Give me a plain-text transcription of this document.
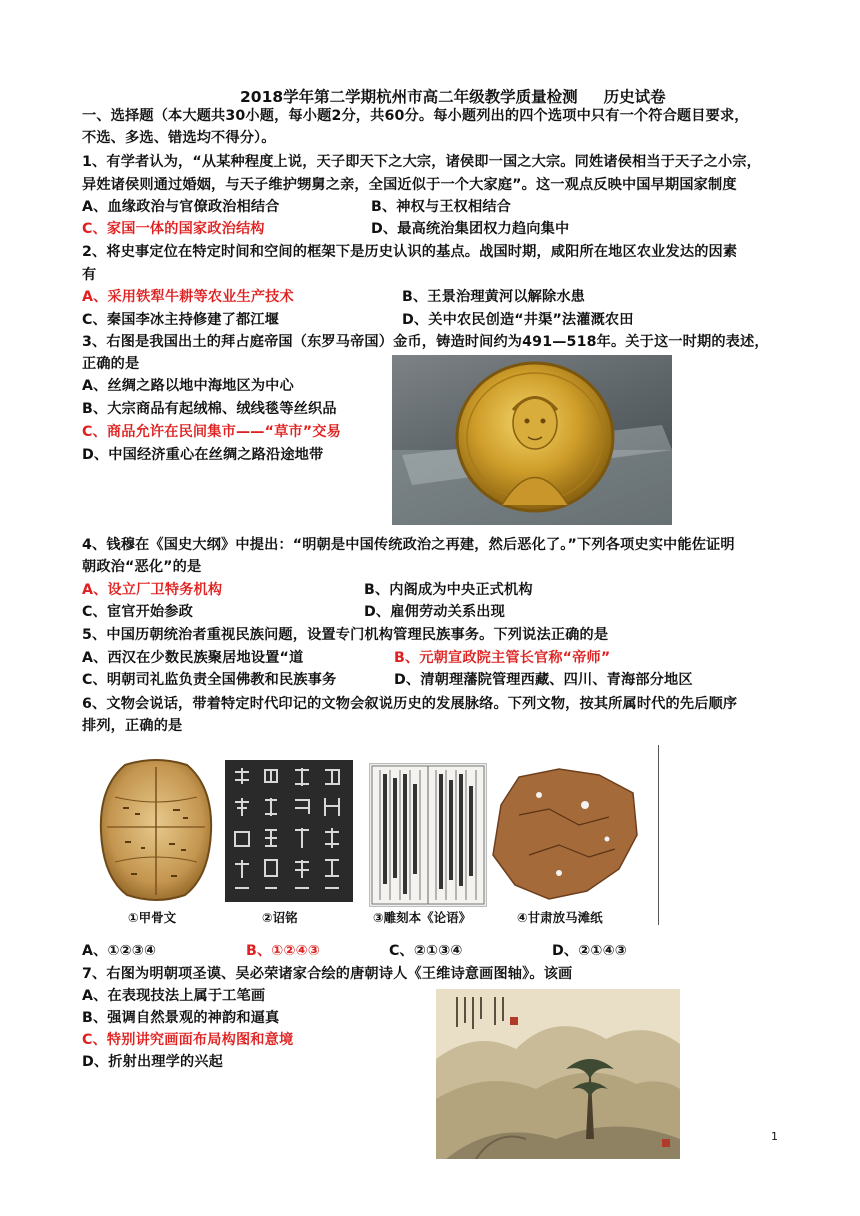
2018学年第二学期杭州市高二年级教学质量检测 历史试卷
一、选择题（本大题共30小题，每小题2分，共60分。每小题列出的四个选项中只有一个符合题目要求，
不选、多选、错选均不得分）。
1、有学者认为，“从某种程度上说，天子即天下之大宗，诸侯即一国之大宗。同姓诸侯相当于天子之小宗，
异姓诸侯则通过婚姻，与天子维护甥舅之亲，全国近似于一个大家庭”。这一观点反映中国早期国家制度
A、血缘政治与官僚政治相结合	B、神权与王权相结合
C、家国一体的国家政治结构	D、最高统治集团权力趋向集中
2、将史事定位在特定时间和空间的框架下是历史认识的基点。战国时期，咸阳所在地区农业发达的因素
有
A、采用铁犁牛耕等农业生产技术	B、王景治理黄河以解除水患
C、秦国李冰主持修建了都江堰	D、关中农民创造“井渠”法灌溉农田
3、右图是我国出土的拜占庭帝国（东罗马帝国）金币，铸造时间约为491—518年。关于这一时期的表述，
正确的是
A、丝绸之路以地中海地区为中心
B、大宗商品有起绒棉、绒线毯等丝织品
C、商品允许在民间集市——“草市”交易
D、中国经济重心在丝绸之路沿途地带
4、钱穆在《国史大纲》中提出：“明朝是中国传统政治之再建，然后恶化了。”下列各项史实中能佐证明
朝政治“恶化”的是
A、设立厂卫特务机构	B、内阁成为中央正式机构
C、宦官开始参政	D、雇佣劳动关系出现
5、中国历朝统治者重视民族问题，设置专门机构管理民族事务。下列说法正确的是
A、西汉在少数民族聚居地设置“道	B、元朝宣政院主管长官称“帝师”
C、明朝司礼监负责全国佛教和民族事务	D、清朝理藩院管理西藏、四川、青海部分地区
6、文物会说话，带着特定时代印记的文物会叙说历史的发展脉络。下列文物，按其所属时代的先后顺序
排列，正确的是
①甲骨文	②诏铭	③雕刻本《论语》	④甘肃放马滩纸
A、①②③④	B、①②④③	C、②①③④	D、②①④③
7、右图为明朝项圣谟、吴必荣诸家合绘的唐朝诗人《王维诗意画图轴》。该画
A、在表现技法上属于工笔画
B、强调自然景观的神韵和逼真
C、特别讲究画面布局构图和意境
D、折射出理学的兴起
1
